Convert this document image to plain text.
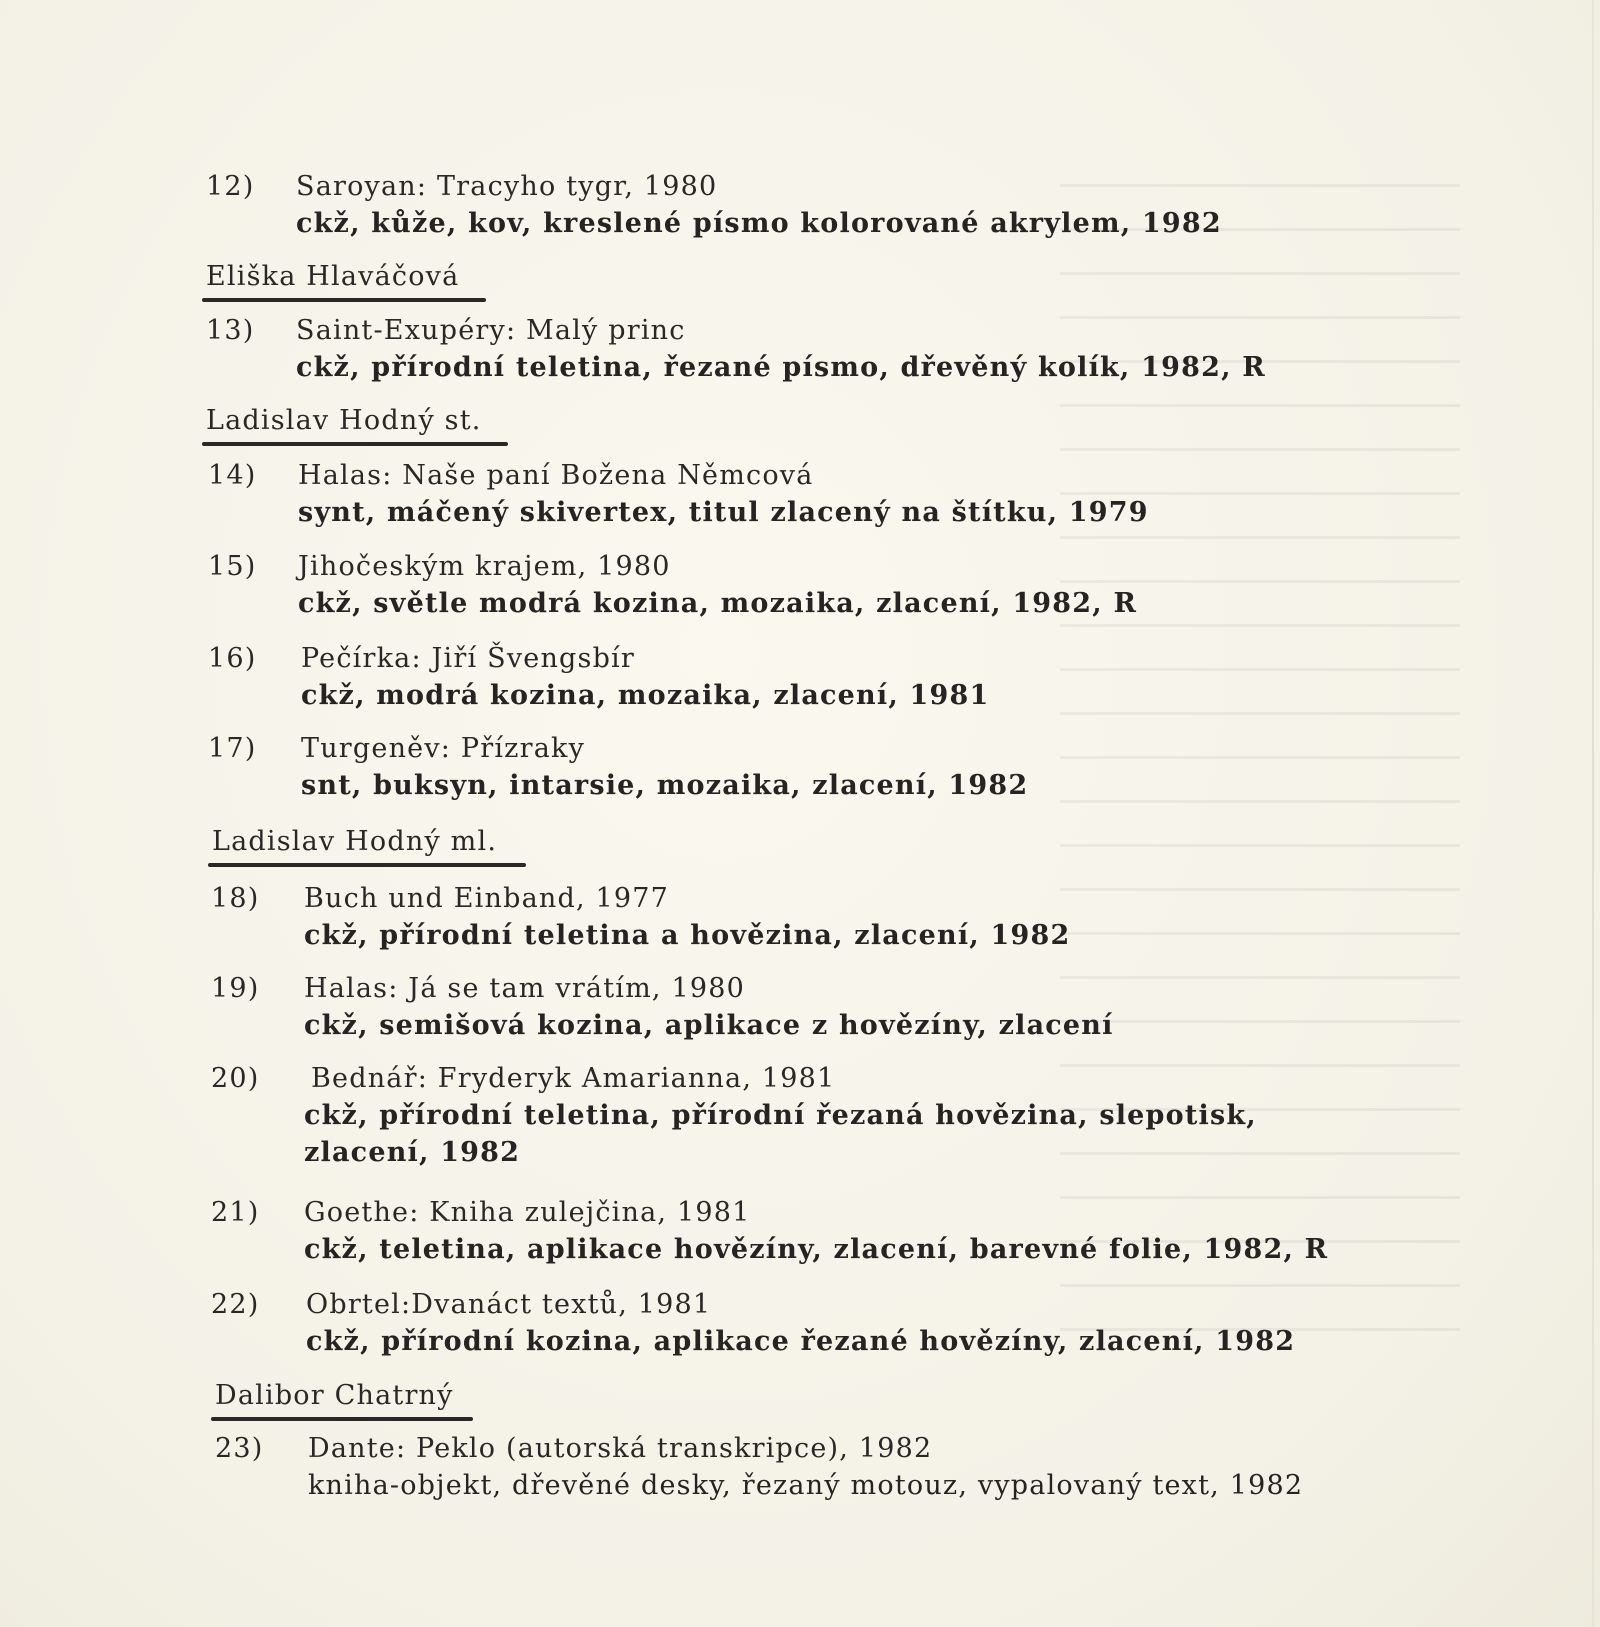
12)	Saroyan: Tracyho tygr, 1980
ckž, kůže, kov, kreslené písmo kolorované akrylem, 1982
Eliška Hlaváčová
13)	Saint-Exupéry: Malý princ
ckž, přírodní teletina, řezané písmo, dřevěný kolík, 1982, R
Ladislav Hodný st.
14)	Halas: Naše paní Božena Němcová
synt, máčený skivertex, titul zlacený na štítku, 1979
15)	Jihočeským krajem, 1980
ckž, světle modrá kozina, mozaika, zlacení, 1982, R
16)	Pečírka: Jiří Švengsbír
ckž, modrá kozina, mozaika, zlacení, 1981
17)	Turgeněv: Přízraky
snt, buksyn, intarsie, mozaika, zlacení, 1982
Ladislav Hodný ml.
18)	Buch und Einband, 1977
ckž, přírodní teletina a hovězina, zlacení, 1982
19)	Halas: Já se tam vrátím, 1980
ckž, semišová kozina, aplikace z hovězíny, zlacení
20)	Bednář: Fryderyk Amarianna, 1981
ckž, přírodní teletina, přírodní řezaná hovězina, slepotisk,
zlacení, 1982
21)	Goethe: Kniha zulejčina, 1981
ckž, teletina, aplikace hovězíny, zlacení, barevné folie, 1982, R
22)	Obrtel:Dvanáct textů, 1981
ckž, přírodní kozina, aplikace řezané hovězíny, zlacení, 1982
Dalibor Chatrný
23)	Dante: Peklo (autorská transkripce), 1982
kniha-objekt, dřevěné desky, řezaný motouz, vypalovaný text, 1982
